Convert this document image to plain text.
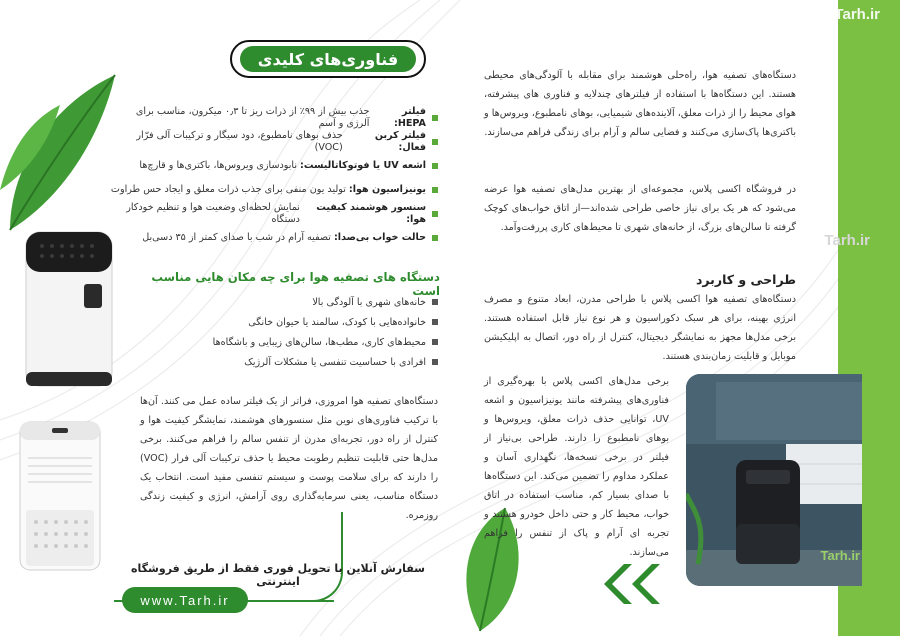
Tarh.ir
Tarh.ir
فناوری‌های کلیدی
فیلتر HEPA:
جذب بیش از ۹۹٪ از ذرات ریز تا ۰٫۳ میکرون، مناسب برای آلرژی و آسم
فیلتر کربن فعال:
حذف بوهای نامطبوع، دود سیگار و ترکیبات آلی فرّار (VOC)
اشعه UV یا فوتوکاتالیست:
نابودسازی ویروس‌ها، باکتری‌ها و قارچ‌ها
یونیزاسیون هوا:
تولید یون منفی برای جذب ذرات معلق و ایجاد حس طراوت
سنسور هوشمند کیفیت هوا:
نمایش لحظه‌ای وضعیت هوا و تنظیم خودکار دستگاه
حالت خواب بی‌صدا:
تصفیه آرام در شب با صدای کمتر از ۳۵ دسی‌بل
دستگاه های تصفیه هوا برای چه مکان هایی مناسب است
خانه‌های شهری با آلودگی بالا
خانواده‌هایی با کودک، سالمند یا حیوان خانگی
محیط‌های کاری، مطب‌ها، سالن‌های زیبایی و باشگاه‌ها
افرادی با حساسیت تنفسی یا مشکلات آلرژیک

دستگاه‌های تصفیه هوا امروزی، فراتر از یک فیلتر ساده عمل می کنند. آن‌ها با ترکیب فناوری‌های نوین مثل سنسورهای هوشمند، نمایشگر کیفیت هوا و کنترل از راه دور، تجربه‌ای مدرن از تنفس سالم را فراهم می‌کنند. برخی مدل‌ها حتی قابلیت تنظیم رطوبت محیط یا حذف ترکیبات آلی فرار (VOC) را دارند که برای سلامت پوست و سیستم تنفسی مفید است. انتخاب یک دستگاه مناسب، یعنی سرمایه‌گذاری روی آرامش، انرژی و کیفیت زندگی روزمره.

سفارش آنلاین با تحویل فوری فقط از طریق فروشگاه اینترنتی
www.Tarh.ir

دستگاه‌های تصفیه هوا، راه‌حلی هوشمند برای مقابله با آلودگی‌های محیطی هستند. این دستگاه‌ها با استفاده از فیلترهای چندلایه و فناوری های پیشرفته، هوای محیط را از ذرات معلق، آلاینده‌های شیمیایی، بوهای نامطبوع، ویروس‌ها و باکتری‌ها پاک‌سازی می‌کنند و فضایی سالم و آرام برای زندگی فراهم می‌سازند.

در فروشگاه اکسی پلاس، مجموعه‌ای از بهترین مدل‌های تصفیه هوا عرضه می‌شود که هر یک برای نیاز خاصی طراحی شده‌اند—از اتاق خواب‌های کوچک گرفته تا سالن‌های بزرگ، از خانه‌های شهری تا محیط‌های کاری پررفت‌وآمد.

طراحی و کاربرد

دستگاه‌های تصفیه هوا اکسی پلاس با طراحی مدرن، ابعاد متنوع و مصرف انرژی بهینه، برای هر سبک دکوراسیون و هر نوع نیاز قابل استفاده هستند. برخی مدل‌ها مجهز به نمایشگر دیجیتال، کنترل از راه دور، اتصال به اپلیکیشن موبایل و قابلیت زمان‌بندی هستند.

برخی مدل‌های اکسی پلاس با بهره‌گیری از فناوری‌های پیشرفته مانند یونیزاسیون و اشعه UV، توانایی حذف ذرات معلق، ویروس‌ها و بوهای نامطبوع را دارند. طراحی بی‌نیاز از فیلتر در برخی نسخه‌ها، نگهداری آسان و عملکرد مداوم را تضمین می‌کند. این دستگاه‌ها با صدای بسیار کم، مناسب استفاده در اتاق خواب، محیط کار و حتی داخل خودرو هستند و تجربه ای آرام و پاک از تنفس را فراهم می‌سازند.	Tarh.ir
